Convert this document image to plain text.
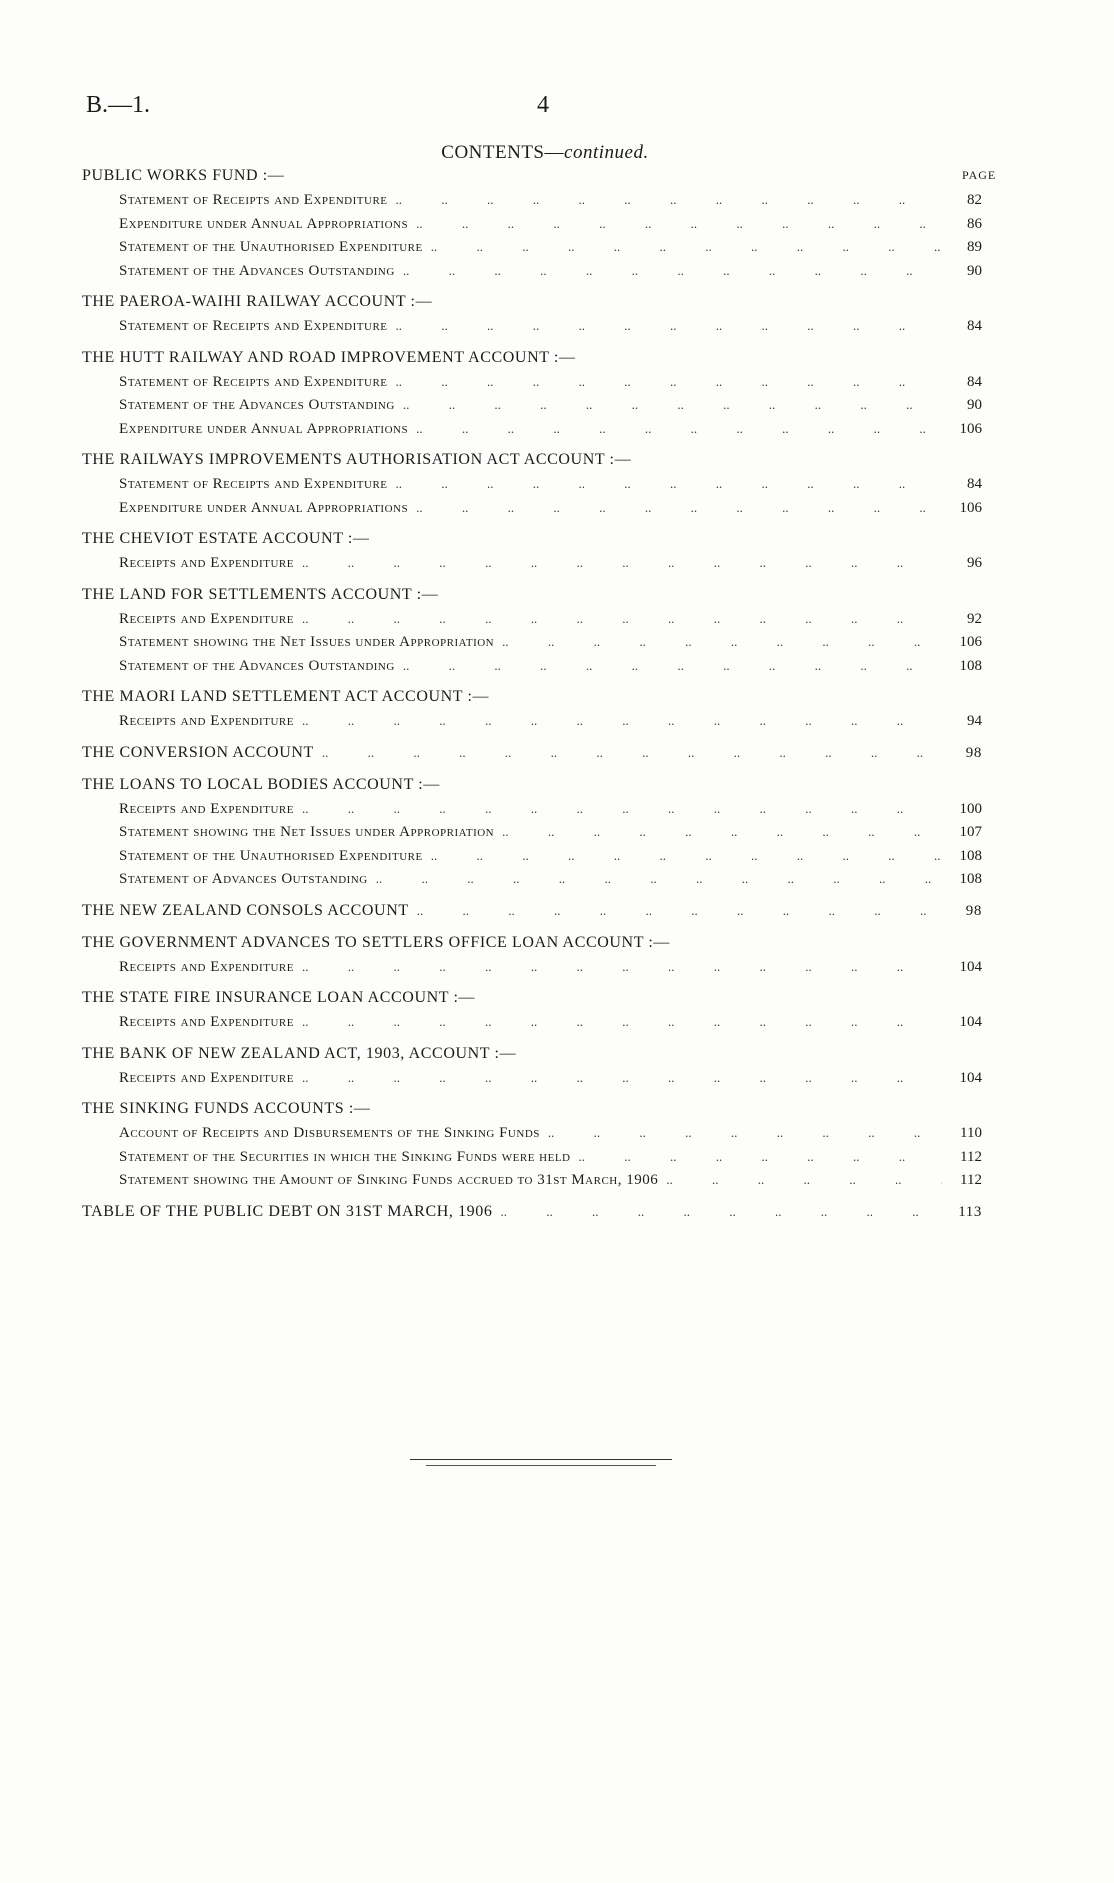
B.—1.	4
CONTENTS—continued.
PAGE
PUBLIC WORKS FUND :—
Statement of Receipts and Expenditure .. ..	82
Expenditure under Annual Appropriations .. ..	86
Statement of the Unauthorised Expenditure .. ..	89
Statement of the Advances Outstanding .. ..	90
THE PAEROA-WAIHI RAILWAY ACCOUNT :—
Statement of Receipts and Expenditure .. ..	84
THE HUTT RAILWAY AND ROAD IMPROVEMENT ACCOUNT :—
Statement of Receipts and Expenditure .. ..	84
Statement of the Advances Outstanding .. ..	90
Expenditure under Annual Appropriations .. ..	106
THE RAILWAYS IMPROVEMENTS AUTHORISATION ACT ACCOUNT :—
Statement of Receipts and Expenditure .. ..	84
Expenditure under Annual Appropriations .. ..	106
THE CHEVIOT ESTATE ACCOUNT :—
Receipts and Expenditure .. ..	96
THE LAND FOR SETTLEMENTS ACCOUNT :—
Receipts and Expenditure .. ..	92
Statement showing the Net Issues under Appropriation .. ..	106
Statement of the Advances Outstanding .. ..	108
THE MAORI LAND SETTLEMENT ACT ACCOUNT :—
Receipts and Expenditure .. ..	94
THE CONVERSION ACCOUNT .. ..	98
THE LOANS TO LOCAL BODIES ACCOUNT :—
Receipts and Expenditure .. ..	100
Statement showing the Net Issues under Appropriation .. ..	107
Statement of the Unauthorised Expenditure .. ..	108
Statement of Advances Outstanding .. ..	108
THE NEW ZEALAND CONSOLS ACCOUNT .. ..	98
THE GOVERNMENT ADVANCES TO SETTLERS OFFICE LOAN ACCOUNT :—
Receipts and Expenditure .. ..	104
THE STATE FIRE INSURANCE LOAN ACCOUNT :—
Receipts and Expenditure .. ..	104
THE BANK OF NEW ZEALAND ACT, 1903, ACCOUNT :—
Receipts and Expenditure .. ..	104
THE SINKING FUNDS ACCOUNTS :—
Account of Receipts and Disbursements of the Sinking Funds .. ..	110
Statement of the Securities in which the Sinking Funds were held .. ..	112
Statement showing the Amount of Sinking Funds accrued to 31st March, 1906 .. ..	112
TABLE OF THE PUBLIC DEBT ON 31ST MARCH, 1906 .. ..	113
